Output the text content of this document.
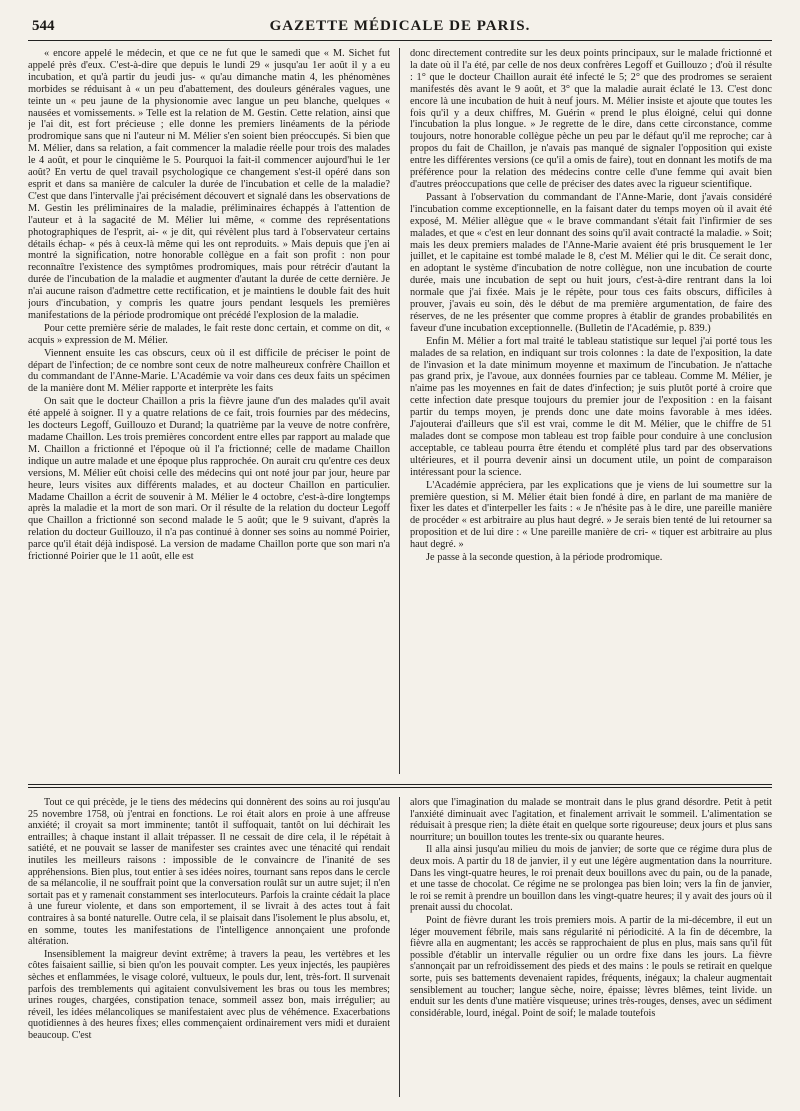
544	GAZETTE MÉDICALE DE PARIS.

« encore appelé le médecin, et que ce ne fut que le samedi que « M. Sichet fut appelé près d'eux. C'est-à-dire que depuis le lundi 29 « jusqu'au 1er août il y a eu incubation, et qu'à partir du jeudi jus- « qu'au dimanche matin 4, les phénomènes morbides se réduisant à « un peu d'abattement, des douleurs générales vagues, une teinte un « peu jaune de la physionomie avec langue un peu blanche, quelques « nausées et vomissements. » Telle est la relation de M. Gestin. Cette relation, ainsi que je l'ai dit, est fort précieuse ; elle donne les premiers linéaments de la période prodromique sans que ni l'auteur ni M. Mélier s'en soient bien préoccupés. Si bien que M. Mélier, dans sa relation, a fait commencer la maladie réelle pour trois des malades le 4 août, et pour le cinquième le 5. Pourquoi la fait-il commencer aujourd'hui le 1er août? En vertu de quel travail psychologique ce changement s'est-il opéré dans son esprit et dans sa manière de calculer la durée de l'incubation et celle de la maladie? C'est que dans l'intervalle j'ai précisément découvert et signalé dans les observations de M. Gestin les préliminaires de la maladie, préliminaires échappés à l'attention de l'auteur et à la sagacité de M. Mélier lui même, « comme des représentations photographiques de l'esprit, ai- « je dit, qui révèlent plus tard à l'observateur certains détails échap- « pés à ceux-là même qui les ont reproduits. » Mais depuis que j'en ai montré la signification, notre honorable collègue en a fait son profit : non pour reconnaître l'existence des symptômes prodromiques, mais pour rétrécir d'autant la durée de l'incubation de la maladie et augmenter d'autant la durée de cette dernière. Je n'ai aucune raison d'admettre cette rectification, et je maintiens le double fait des huit jours d'incubation, y compris les quatre jours pendant lesquels les premières manifestations de la période prodromique ont précédé l'explosion de la maladie.

Pour cette première série de malades, le fait reste donc certain, et comme on dit, « acquis » expression de M. Mélier.

Viennent ensuite les cas obscurs, ceux où il est difficile de préciser le point de départ de l'infection; de ce nombre sont ceux de notre malheureux confrère Chaillon et du commandant de l'Anne-Marie. L'Académie va voir dans ces deux faits un spécimen de la manière dont M. Mélier rapporte et interprète les faits

On sait que le docteur Chaillon a pris la fièvre jaune d'un des malades qu'il avait été appelé à soigner. Il y a quatre relations de ce fait, trois fournies par des médecins, les docteurs Legoff, Guillouzo et Durand; la quatrième par la veuve de notre confrère, madame Chaillon. Les trois premières concordent entre elles par rapport au malade que M. Chaillon a frictionné et l'époque où il l'a frictionné; celle de madame Chaillon indique un autre malade et une époque plus rapprochée. On aurait cru qu'entre ces deux versions, M. Mélier eût choisi celle des médecins qui ont noté jour par jour, heure par heure, leurs visites aux différents malades, et au docteur Chaillon en particulier. Madame Chaillon a écrit de souvenir à M. Mélier le 4 octobre, c'est-à-dire longtemps après la maladie et la mort de son mari. Or il résulte de la relation du docteur Legoff que Chaillon a frictionné son second malade le 5 août; que le 9 suivant, d'après la relation du docteur Guillouzo, il n'a pas continué à donner ses soins au nommé Poirier, parce qu'il était déjà indisposé. La version de madame Chaillon porte que son mari n'a frictionné Poirier que le 11 août, elle est

donc directement contredite sur les deux points principaux, sur le malade frictionné et la date où il l'a été, par celle de nos deux confrères Legoff et Guillouzo ; d'où il résulte : 1° que le docteur Chaillon aurait été infecté le 5; 2° que des prodromes se seraient manifestés dès avant le 9 août, et 3° que la maladie aurait éclaté le 13. C'est donc encore là une incubation de huit à neuf jours. M. Mélier insiste et ajoute que toutes les fois qu'il y a deux chiffres, M. Guérin « prend le plus éloigné, celui qui donne l'incubation la plus longue. » Je regrette de le dire, dans cette circonstance, comme toujours, notre honorable collègue pèche un peu par le défaut qu'il me reproche; car à propos du fait de Chaillon, je n'avais pas manqué de signaler l'opposition qui existe entre les différentes versions (ce qu'il a omis de faire), tout en donnant les motifs de ma préférence pour la relation des médecins contre celle d'une femme qui avait bien d'autres préoccupations que celle de préciser des dates avec la rigueur scientifique.

Passant à l'observation du commandant de l'Anne-Marie, dont j'avais considéré l'incubation comme exceptionnelle, en la faisant dater du temps moyen où il avait été exposé, M. Mélier allègue que « le brave commandant s'était fait l'infirmier de ses malades, et que « c'est en leur donnant des soins qu'il avait contracté la maladie. » Soit; mais les deux premiers malades de l'Anne-Marie avaient été pris brusquement le 1er juillet, et le capitaine est tombé malade le 8, c'est M. Mélier qui le dit. Ce serait donc, en adoptant le système d'incubation de notre collègue, non une incubation de courte durée, mais une incubation de sept ou huit jours, c'est-à-dire rentrant dans la loi normale que j'ai fixée. Mais je le répète, pour tous ces faits obscurs, difficiles à prouver, j'avais eu soin, dès le début de ma première argumentation, de faire des réserves, de ne les présenter que comme propres à établir de grandes probabilités en faveur d'une incubation exceptionnelle. (Bulletin de l'Académie, p. 839.)

Enfin M. Mélier a fort mal traité le tableau statistique sur lequel j'ai porté tous les malades de sa relation, en indiquant sur trois colonnes : la date de l'exposition, la date de l'invasion et la date minimum moyenne et maximum de l'incubation. Je n'attache pas grand prix, je l'avoue, aux données fournies par ce tableau. Comme M. Mélier, je n'aime pas les moyennes en fait de dates d'infection; je suis plutôt porté à croire que cette infection date presque toujours du premier jour de l'exposition : en la faisant partir du temps moyen, je prends donc une date moins favorable à mes idées. J'ajouterai d'ailleurs que s'il est vrai, comme le dit M. Mélier, que le chiffre de 51 malades dont se compose mon tableau est trop faible pour conduire à une conclusion acceptable, ce tableau pourra être étendu et complété plus tard par des observations ultérieures, et il pourra devenir ainsi un document utile, un point de comparaison intéressant pour la science.

L'Académie appréciera, par les explications que je viens de lui soumettre sur la première question, si M. Mélier était bien fondé à dire, en parlant de ma manière de fixer les dates et d'interpeller les faits : « Je n'hésite pas à le dire, une pareille manière de procéder « est arbitraire au plus haut degré. » Je serais bien tenté de lui retourner sa proposition et de lui dire : « Une pareille manière de cri- « tiquer est arbitraire au plus haut degré. »

Je passe à la seconde question, à la période prodromique.

Tout ce qui précède, je le tiens des médecins qui donnèrent des soins au roi jusqu'au 25 novembre 1758, où j'entrai en fonctions. Le roi était alors en proie à une affreuse anxiété; il croyait sa mort imminente; tantôt il suffoquait, tantôt on lui déchirait les entrailles; à chaque instant il allait trépasser. Il ne cessait de dire cela, il le répétait à satiété, et ne pouvait se lasser de manifester ses craintes avec une ténacité qui rendait inutiles les meilleurs raisons : impossible de le convaincre de l'inanité de ses appréhensions. Bien plus, tout entier à ses idées noires, tournant sans repos dans le cercle de sa mélancolie, il ne souffrait point que la conversation roulât sur un autre sujet; il n'en sortait pas et y ramenait constamment ses interlocuteurs. Parfois la crainte cédait la place à une fureur violente, et dans son emportement, il se livrait à des actes tout à fait contraires à sa bonté naturelle. Outre cela, il se plaisait dans l'isolement le plus absolu, et, en somme, toutes les manifestations de l'intelligence annonçaient une profonde altération.

Insensiblement la maigreur devint extrême; à travers la peau, les vertèbres et les côtes faisaient saillie, si bien qu'on les pouvait compter. Les yeux injectés, les paupières sèches et enflammées, le visage coloré, vultueux, le pouls dur, lent, très-fort. Il survenait parfois des tremblements qui agitaient convulsivement les bras ou tous les membres; urines rouges, chargées, constipation tenace, sommeil assez bon, mais irrégulier; au réveil, les idées mélancoliques se manifestaient avec plus de véhémence. Exacerbations quotidiennes à des heures fixes; elles commençaient ordinairement vers midi et duraient beaucoup. C'est

alors que l'imagination du malade se montrait dans le plus grand désordre. Petit à petit l'anxiété diminuait avec l'agitation, et finalement arrivait le sommeil. L'alimentation se réduisait à presque rien; la diète était en quelque sorte rigoureuse; deux jours et plus sans nourriture; un bouillon toutes les trente-six ou quarante heures.

Il alla ainsi jusqu'au milieu du mois de janvier; de sorte que ce régime dura plus de deux mois. A partir du 18 de janvier, il y eut une légère augmentation dans la nourriture. Dans les vingt-quatre heures, le roi prenait deux bouillons avec du pain, ou de la panade, et une tasse de chocolat. Ce régime ne se prolongea pas bien loin; vers la fin de janvier, le roi se remit à prendre un bouillon dans les vingt-quatre heures; il y avait des jours où il prenait aussi du chocolat.

Point de fièvre durant les trois premiers mois. A partir de la mi-décembre, il eut un léger mouvement fébrile, mais sans régularité ni périodicité. A la fin de décembre, la fièvre alla en augmentant; les accès se rapprochaient de plus en plus, mais sans qu'il fût possible d'établir un intervalle régulier ou un ordre fixe dans les jours. La fièvre s'annonçait par un refroidissement des pieds et des mains : le pouls se retirait en quelque sorte, puis ses battements devenaient rapides, fréquents, inégaux; la chaleur augmentait sensiblement au toucher; langue sèche, noire, épaisse; lèvres blêmes, teint livide. un enduit sur les dents d'une matière visqueuse; urines très-rouges, denses, avec un sédiment considérable, lourd, inégal. Point de soif; le malade toutefois
